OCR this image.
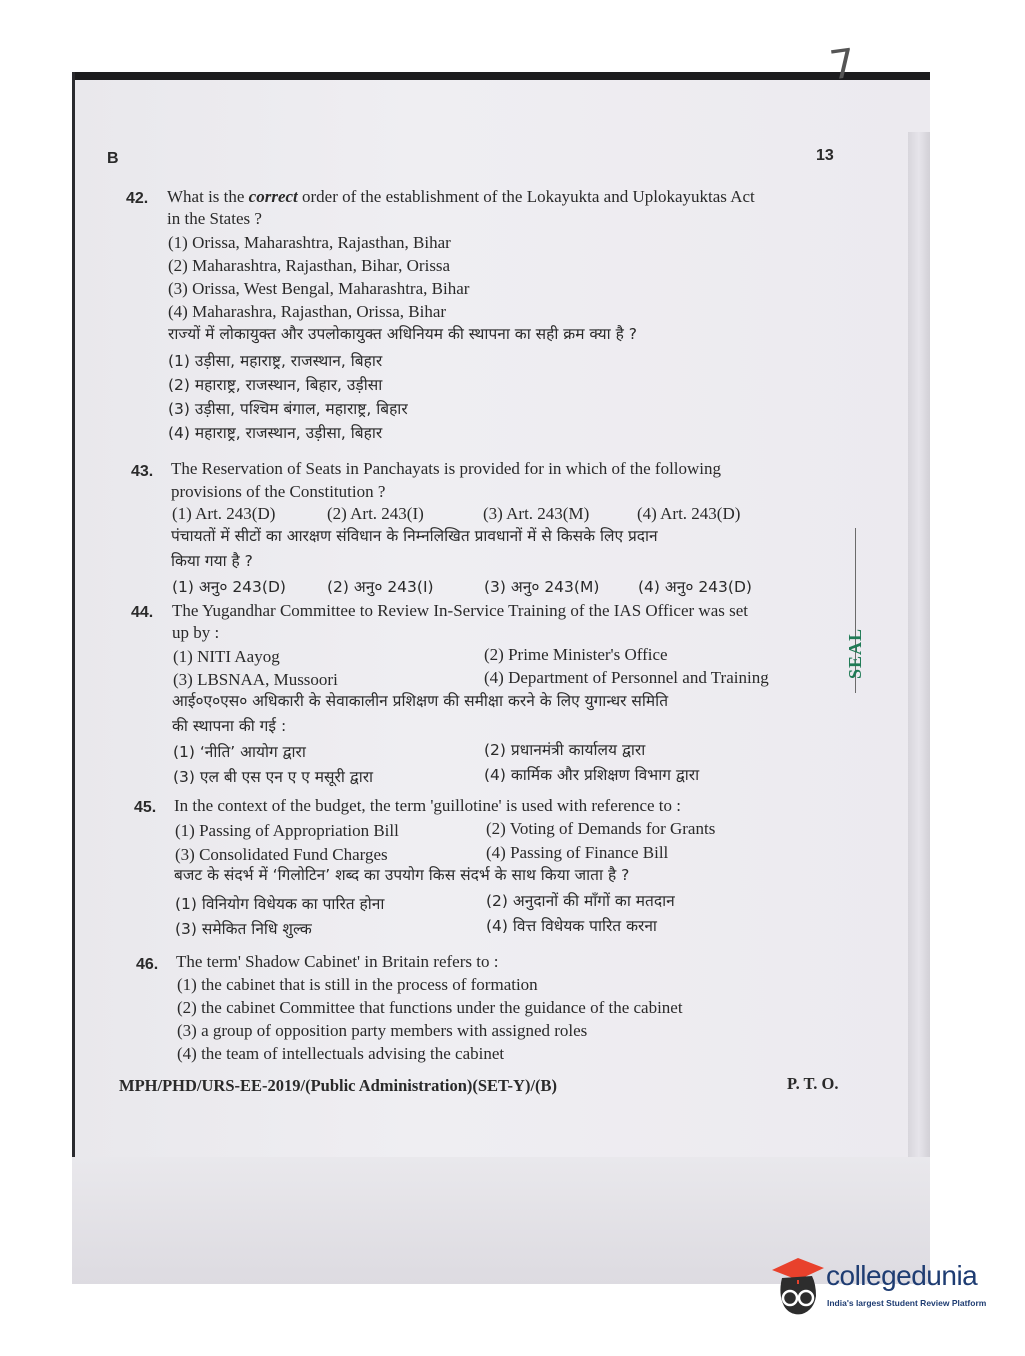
7
SEAL
B	13
42. What is the correct order of the establishment of the Lokayukta and Uplokayuktas Act
in the States ?
(1) Orissa, Maharashtra, Rajasthan, Bihar
(2) Maharashtra, Rajasthan, Bihar, Orissa
(3) Orissa, West Bengal, Maharashtra, Bihar
(4) Maharashra, Rajasthan, Orissa, Bihar
राज्यों में लोकायुक्त और उपलोकायुक्त अधिनियम की स्थापना का सही क्रम क्या है ?
(1) उड़ीसा, महाराष्ट्र, राजस्थान, बिहार
(2) महाराष्ट्र, राजस्थान, बिहार, उड़ीसा
(3) उड़ीसा, पश्चिम बंगाल, महाराष्ट्र, बिहार
(4) महाराष्ट्र, राजस्थान, उड़ीसा, बिहार
43. The Reservation of Seats in Panchayats is provided for in which of the following
provisions of the Constitution ?
(1) Art. 243(D)	(2) Art. 243(I)	(3) Art. 243(M)	(4) Art. 243(D)
पंचायतों में सीटों का आरक्षण संविधान के निम्नलिखित प्रावधानों में से किसके लिए प्रदान
किया गया है ?
(1) अनु० 243(D)	(2) अनु० 243(I)	(3) अनु० 243(M) (4) अनु० 243(D)
44. The Yugandhar Committee to Review In-Service Training of the IAS Officer was set
up by :
(1) NITI Aayog	(2) Prime Minister's Office
(3) LBSNAA, Mussoori	(4) Department of Personnel and Training
आई०ए०एस० अधिकारी के सेवाकालीन प्रशिक्षण की समीक्षा करने के लिए युगान्धर समिति
की स्थापना की गई :
(1) ‘नीति’ आयोग द्वारा	(2) प्रधानमंत्री कार्यालय द्वारा
(3) एल बी एस एन ए ए मसूरी द्वारा	(4) कार्मिक और प्रशिक्षण विभाग द्वारा
45. In the context of the budget, the term 'guillotine' is used with reference to :
(1) Passing of Appropriation Bill	(2) Voting of Demands for Grants
(3) Consolidated Fund Charges	(4) Passing of Finance Bill
बजट के संदर्भ में ‘गिलोटिन’ शब्द का उपयोग किस संदर्भ के साथ किया जाता है ?
(1) विनियोग विधेयक का पारित होना	(2) अनुदानों की माँगों का मतदान
(3) समेकित निधि शुल्क	(4) वित्त विधेयक पारित करना
46. The term' Shadow Cabinet' in Britain refers to :
(1) the cabinet that is still in the process of formation
(2) the cabinet Committee that functions under the guidance of the cabinet
(3) a group of opposition party members with assigned roles
(4) the team of intellectuals advising the cabinet
MPH/PHD/URS-EE-2019/(Public Administration)(SET-Y)/(B)	P. T. O.
collegedunia
India's largest Student Review Platform
